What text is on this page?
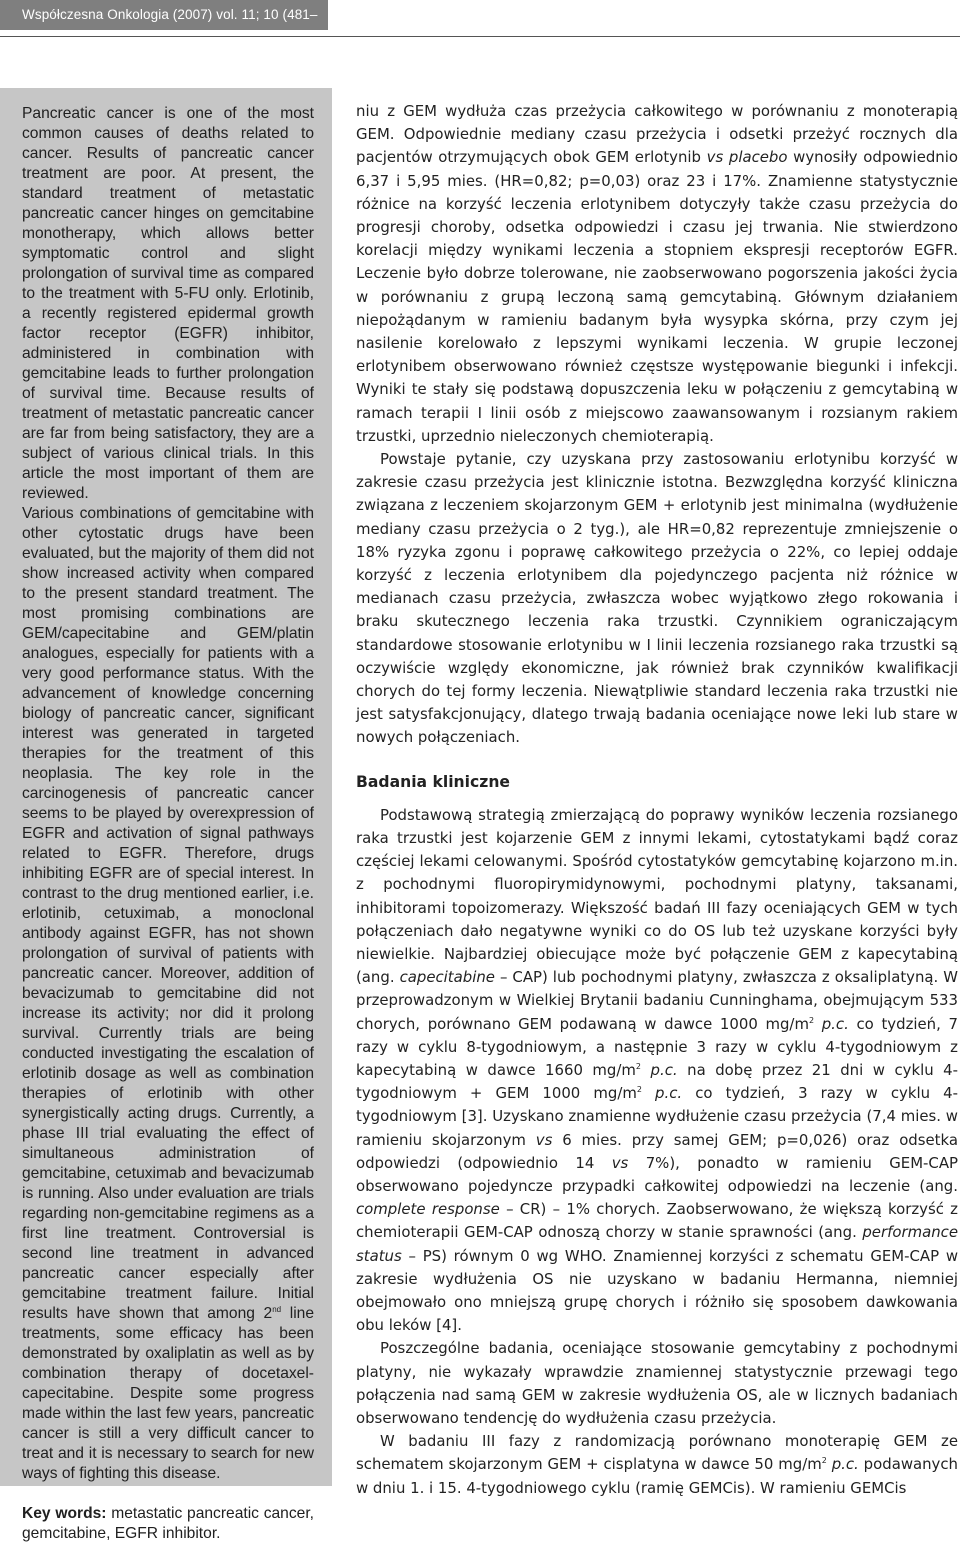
Współczesna Onkologia (2007) vol. 11; 10 (481–486)

Pancreatic cancer is one of the most common causes of deaths related to cancer. Results of pancreatic cancer treatment are poor. At present, the standard treatment of metastatic pancreatic cancer hinges on gemcitabine monotherapy, which allows better symptomatic control and slight prolongation of survival time as compared to the treatment with 5-FU only. Erlotinib, a recently registered epidermal growth factor receptor (EGFR) inhibitor, administered in combination with gemcitabine leads to further prolongation of survival time. Because results of treatment of metastatic pancreatic cancer are far from being satisfactory, they are a subject of various clinical trials. In this article the most important of them are reviewed.

Various combinations of gemcitabine with other cytostatic drugs have been evaluated, but the majority of them did not show increased activity when compared to the present standard treatment. The most promising combinations are GEM/capecitabine and GEM/platin analogues, especially for patients with a very good performance status. With the advancement of knowledge concerning biology of pancreatic cancer, significant interest was generated in targeted therapies for the treatment of this neoplasia. The key role in the carcinogenesis of pancreatic cancer seems to be played by overexpression of EGFR and activation of signal pathways related to EGFR. Therefore, drugs inhibiting EGFR are of special interest. In contrast to the drug mentioned earlier, i.e. erlotinib, cetuximab, a monoclonal antibody against EGFR, has not shown prolongation of survival of patients with pancreatic cancer. Moreover, addition of bevacizumab to gemcitabine did not increase its activity; nor did it prolong survival. Currently trials are being conducted investigating the escalation of erlotinib dosage as well as combination therapies of erlotinib with other synergistically acting drugs. Currently, a phase III trial evaluating the effect of simultaneous administration of gemcitabine, cetuximab and bevacizumab is running. Also under evaluation are trials regarding non-gemcitabine regimens as a first line treatment. Controversial is second line treatment in advanced pancreatic cancer especially after gemcitabine treatment failure. Initial results have shown that among 2nd line treatments, some efficacy has been demonstrated by oxaliplatin as well as by combination therapy of docetaxel-capecitabine. Despite some progress made within the last few years, pancreatic cancer is still a very difficult cancer to treat and it is necessary to search for new ways of fighting this disease.

Key words: metastatic pancreatic cancer, gemcitabine, EGFR inhibitor.

niu z GEM wydłuża czas przeżycia całkowitego w porównaniu z monoterapią GEM. Odpowiednie mediany czasu przeżycia i odsetki przeżyć rocznych dla pacjentów otrzymujących obok GEM erlotynib vs placebo wynosiły odpowiednio 6,37 i 5,95 mies. (HR=0,82; p=0,03) oraz 23 i 17%. Znamienne statystycznie różnice na korzyść leczenia erlotynibem dotyczyły także czasu przeżycia do progresji choroby, odsetka odpowiedzi i czasu jej trwania. Nie stwierdzono korelacji między wynikami leczenia a stopniem ekspresji receptorów EGFR. Leczenie było dobrze tolerowane, nie zaobserwowano pogorszenia jakości życia w porównaniu z grupą leczoną samą gemcytabiną. Głównym działaniem niepożądanym w ramieniu badanym była wysypka skórna, przy czym jej nasilenie korelowało z lepszymi wynikami leczenia. W grupie leczonej erlotynibem obserwowano również częstsze występowanie biegunki i infekcji. Wyniki te stały się podstawą dopuszczenia leku w połączeniu z gemcytabiną w ramach terapii I linii osób z miejscowo zaawansowanym i rozsianym rakiem trzustki, uprzednio nieleczonych chemioterapią.

Powstaje pytanie, czy uzyskana przy zastosowaniu erlotynibu korzyść w zakresie czasu przeżycia jest klinicznie istotna. Bezwzględna korzyść kliniczna związana z leczeniem skojarzonym GEM + erlotynib jest minimalna (wydłużenie mediany czasu przeżycia o 2 tyg.), ale HR=0,82 reprezentuje zmniejszenie o 18% ryzyka zgonu i poprawę całkowitego przeżycia o 22%, co lepiej oddaje korzyść z leczenia erlotynibem dla pojedynczego pacjenta niż różnice w medianach czasu przeżycia, zwłaszcza wobec wyjątkowo złego rokowania i braku skutecznego leczenia raka trzustki. Czynnikiem ograniczającym standardowe stosowanie erlotynibu w I linii leczenia rozsianego raka trzustki są oczywiście względy ekonomiczne, jak również brak czynników kwalifikacji chorych do tej formy leczenia. Niewątpliwie standard leczenia raka trzustki nie jest satysfakcjonujący, dlatego trwają badania oceniające nowe leki lub stare w nowych połączeniach.

Badania kliniczne

Podstawową strategią zmierzającą do poprawy wyników leczenia rozsianego raka trzustki jest kojarzenie GEM z innymi lekami, cytostatykami bądź coraz częściej lekami celowanymi. Spośród cytostatyków gemcytabinę kojarzono m.in. z pochodnymi fluoropirymidynowymi, pochodnymi platyny, taksanami, inhibitorami topoizomerazy. Większość badań III fazy oceniających GEM w tych połączeniach dało negatywne wyniki co do OS lub też uzyskane korzyści były niewielkie. Najbardziej obiecujące może być połączenie GEM z kapecytabiną (ang. capecitabine – CAP) lub pochodnymi platyny, zwłaszcza z oksaliplatyną. W przeprowadzonym w Wielkiej Brytanii badaniu Cunninghama, obejmującym 533 chorych, porównano GEM podawaną w dawce 1000 $mg/m^2$ p.c. co tydzień, 7 razy w cyklu 8-tygodniowym, a następnie 3 razy w cyklu 4-tygodniowym z kapecytabiną w dawce 1660 $mg/m^2$ p.c. na dobę przez 21 dni w cyklu 4-tygodniowym + GEM 1000 $mg/m^2$ p.c. co tydzień, 3 razy w cyklu 4-tygodniowym [3]. Uzyskano znamienne wydłużenie czasu przeżycia (7,4 mies. w ramieniu skojarzonym vs 6 mies. przy samej GEM; p=0,026) oraz odsetka odpowiedzi (odpowiednio 14 vs 7%), ponadto w ramieniu GEM-CAP obserwowano pojedyncze przypadki całkowitej odpowiedzi na leczenie (ang. complete response – CR) – 1% chorych. Zaobserwowano, że większą korzyść z chemioterapii GEM-CAP odnoszą chorzy w stanie sprawności (ang. performance status – PS) równym 0 wg WHO. Znamiennej korzyści z schematu GEM-CAP w zakresie wydłużenia OS nie uzyskano w badaniu Hermanna, niemniej obejmowało ono mniejszą grupę chorych i różniło się sposobem dawkowania obu leków [4].

Poszczególne badania, oceniające stosowanie gemcytabiny z pochodnymi platyny, nie wykazały wprawdzie znamiennej statystycznie przewagi tego połączenia nad samą GEM w zakresie wydłużenia OS, ale w licznych badaniach obserwowano tendencję do wydłużenia czasu przeżycia.

W badaniu III fazy z randomizacją porównano monoterapię GEM ze schematem skojarzonym GEM + cisplatyna w dawce 50 $mg/m^2$ p.c. podawanych w dniu 1. i 15. 4-tygodniowego cyklu (ramię GEMCis). W ramieniu GEMCis
